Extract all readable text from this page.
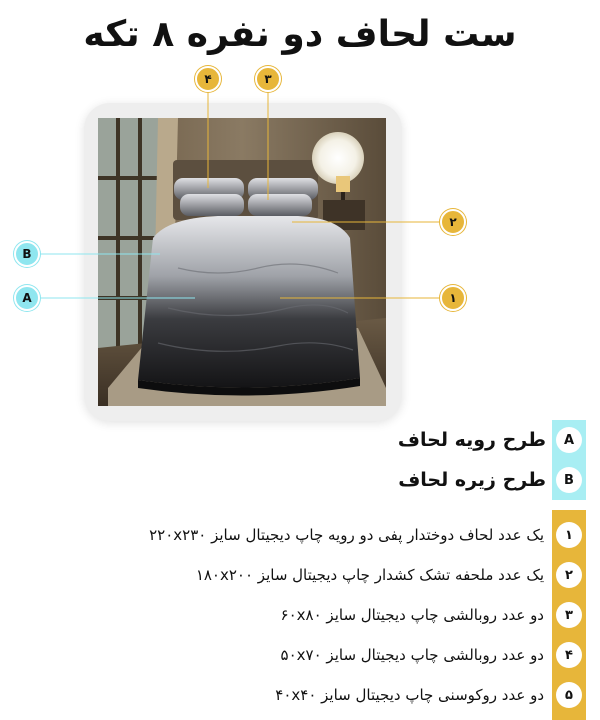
ست لحاف دو نفره ۸ تکه
۴	۳
۲
۱
B
A
A
طرح رویه لحاف
B
طرح زیره لحاف
۱
یک عدد لحاف دوختدار پفی دو رویه چاپ دیجیتال سایز ۲۲۰x۲۳۰
۲
یک عدد ملحفه تشک کشدار چاپ دیجیتال سایز ۱۸۰x۲۰۰
۳
دو عدد روبالشی چاپ دیجیتال سایز ۶۰x۸۰
۴
دو عدد روبالشی چاپ دیجیتال سایز ۵۰x۷۰
۵
دو عدد روکوسنی چاپ دیجیتال سایز ۴۰x۴۰
